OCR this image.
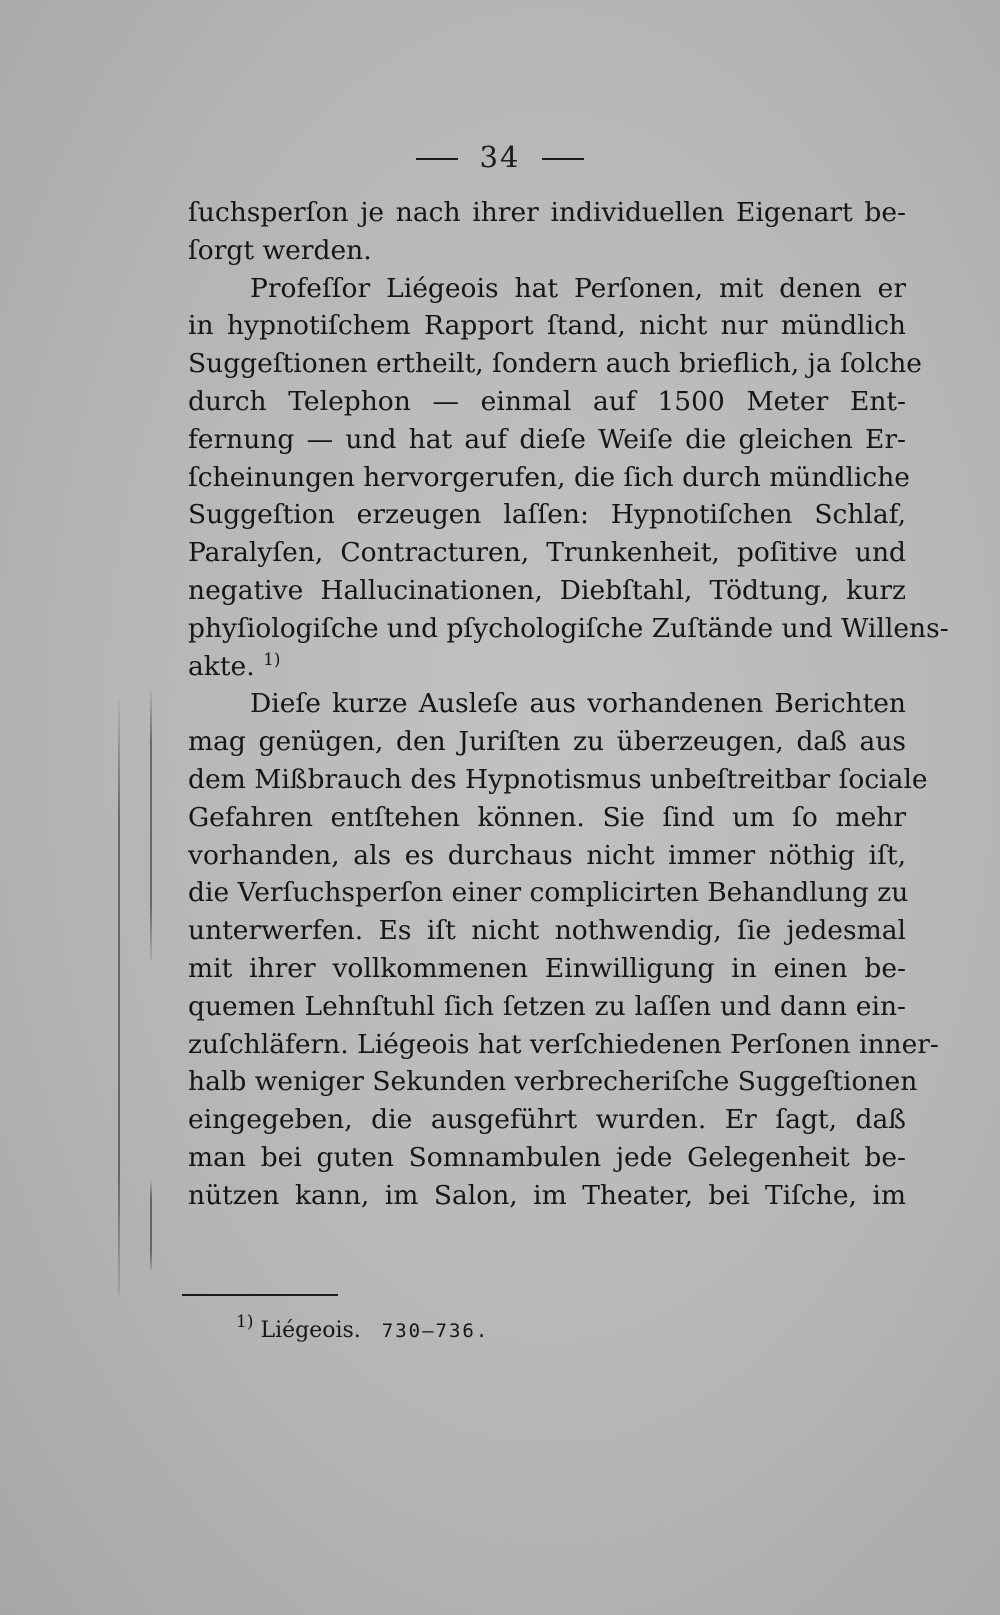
34
ſuchsperſon je nach ihrer individuellen Eigenart be-
ſorgt werden.
Profeſſor Liégeois hat Perſonen, mit denen er
in hypnotiſchem Rapport ſtand, nicht nur mündlich
Suggeſtionen ertheilt, ſondern auch brieflich, ja ſolche
durch Telephon — einmal auf 1500 Meter Ent-
fernung — und hat auf dieſe Weiſe die gleichen Er-
ſcheinungen hervorgerufen, die ſich durch mündliche
Suggeſtion erzeugen laſſen: Hypnotiſchen Schlaf,
Paralyſen, Contracturen, Trunkenheit, poſitive und
negative Hallucinationen, Diebſtahl, Tödtung, kurz
phyſiologiſche und pſychologiſche Zuſtände und Willens-
akte. $^{1)}$
Dieſe kurze Ausleſe aus vorhandenen Berichten
mag genügen, den Juriſten zu überzeugen, daß aus
dem Mißbrauch des Hypnotismus unbeſtreitbar ſociale
Gefahren entſtehen können. Sie ſind um ſo mehr
vorhanden, als es durchaus nicht immer nöthig iſt,
die Verſuchsperſon einer complicirten Behandlung zu
unterwerfen. Es iſt nicht nothwendig, ſie jedesmal
mit ihrer vollkommenen Einwilligung in einen be-
quemen Lehnſtuhl ſich ſetzen zu laſſen und dann ein-
zuſchläfern. Liégeois hat verſchiedenen Perſonen inner-
halb weniger Sekunden verbrecheriſche Suggeſtionen
eingegeben, die ausgeführt wurden. Er ſagt, daß
man bei guten Somnambulen jede Gelegenheit be-
nützen kann, im Salon, im Theater, bei Tiſche, im
$^{1)}$ Liégeois. 730—736.
